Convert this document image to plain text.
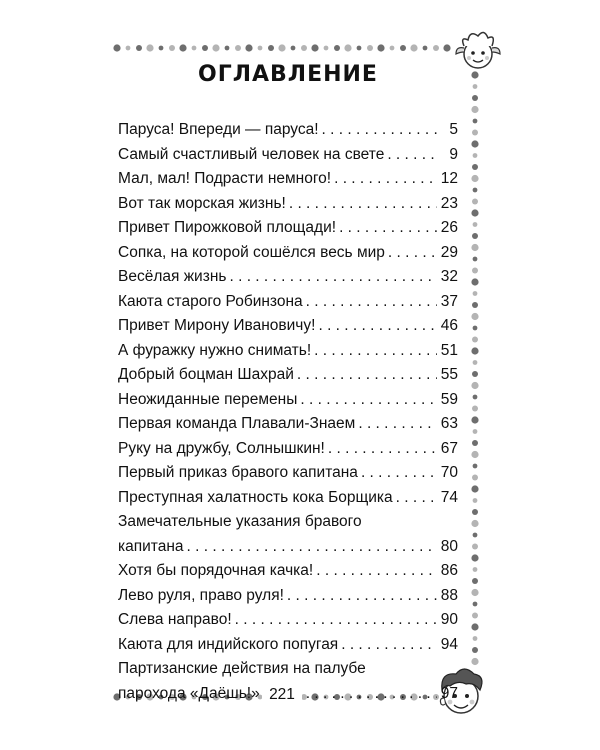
ОГЛАВЛЕНИЕ
Паруса! Впереди — паруса! . . .	5
Самый счастливый человек на свете . . .	9
Мал, мал! Подрасти немного! . . .	12
Вот так морская жизнь! . . .	23
Привет Пирожковой площади! . . .	26
Сопка, на которой сошёлся весь мир . . .	29
Весёлая жизнь . . .	32
Каюта старого Робинзона . . .	37
Привет Мирону Ивановичу! . . .	46
А фуражку нужно снимать! . . .	51
Добрый боцман Шахрай . . .	55
Неожиданные перемены . . .	59
Первая команда Плавали-Знаем . . .	63
Руку на дружбу, Солнышкин! . . .	67
Первый приказ бравого капитана . . .	70
Преступная халатность кока Борщика . . .	74
Замечательные указания бравого
капитана . . .	80
Хотя бы порядочная качка! . . .	86
Лево руля, право руля! . . .	88
Слева направо! . . .	90
Каюта для индийского попугая . . .	94
Партизанские действия на палубе
парохода «Даёшь!» . . .	97
221
